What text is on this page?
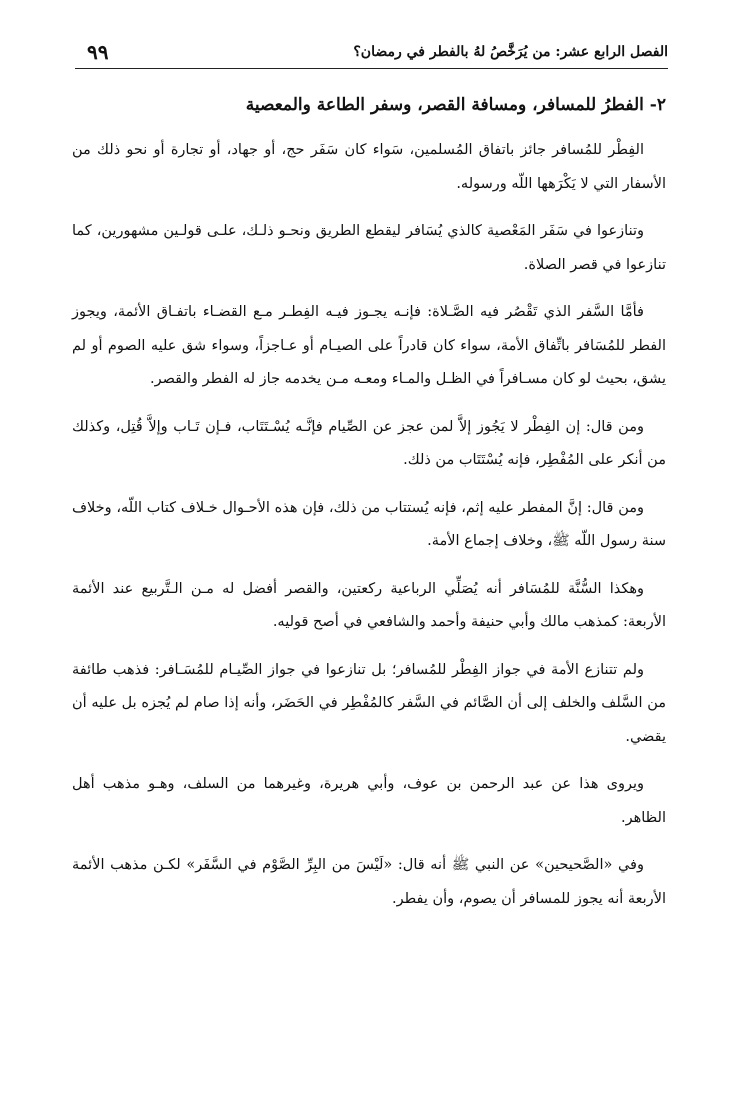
٩٩	الفصل الرابع عشر: من يُرَخَّصُ لهُ بالفطر في رمضان؟
٢- الفطرُ للمسافر، ومسافة القصر، وسفر الطاعة والمعصية

الفِطْر للمُسافر جائز باتفاق المُسلمين، سَواء كان سَفَر حج، أو جهاد، أو تجارة أو نحو ذلك من الأسفار التي لا يَكْرَهها اللّه ورسوله.

وتنازعوا في سَفَر المَعْصية كالذي يُسَافر ليقطع الطريق ونحـو ذلـك، علـى قولـين مشهورين، كما تنازعوا في قصر الصلاة.

فأمَّا السَّفر الذي تَقْصُر فيه الصَّـلاة: فإنـه يجـوز فيـه الفِطـر مـع القضـاء باتفـاق الأئمة، ويجوز الفطر للمُسَافر باتِّفاق الأمة، سواء كان قادراً على الصيـام أو عـاجزاً، وسواء شق عليه الصوم أو لم يشق، بحيث لو كان مسـافراً في الظـل والمـاء ومعـه مـن يخدمه جاز له الفطر والقصر.

ومن قال: إن الفِطْر لا يَجُوز إلاَّ لمن عجز عن الصِّيام فإنَّـه يُسْـتَتَاب، فـإن تَـاب وإلاَّ قُتِل، وكذلك من أنكر على المُفْطِر، فإنه يُسْتَتَاب من ذلك.

ومن قال: إنَّ المفطر عليه إثم، فإنه يُستتاب من ذلك، فإن هذه الأحـوال خـلاف كتاب اللّه، وخلاف سنة رسول اللّه ﷺ، وخلاف إجماع الأمة.

وهكذا السُّنَّة للمُسَافر أنه يُصَلِّي الرباعية ركعتين، والقصر أفضل له مـن الـتَّربيع عند الأئمة الأربعة: كمذهب مالك وأبي حنيفة وأحمد والشافعي في أصح قوليه.

ولم تتنازع الأمة في جواز الفِطْر للمُسافر؛ بل تنازعوا في جواز الصِّيـام للمُسَـافر: فذهب طائفة من السَّلف والخلف إلى أن الصَّائم في السَّفر كالمُفْطِر في الحَضَر، وأنه إذا صام لم يُجزه بل عليه أن يقضي.

ويروى هذا عن عبد الرحمن بن عوف، وأبي هريرة، وغيرهما من السلف، وهـو مذهب أهل الظاهر.

وفي «الصَّحيحين» عن النبي ﷺ أنه قال: «لَيْسَ من البِرِّ الصَّوْم في السَّفَر» لكـن مذهب الأئمة الأربعة أنه يجوز للمسافر أن يصوم، وأن يفطر.
